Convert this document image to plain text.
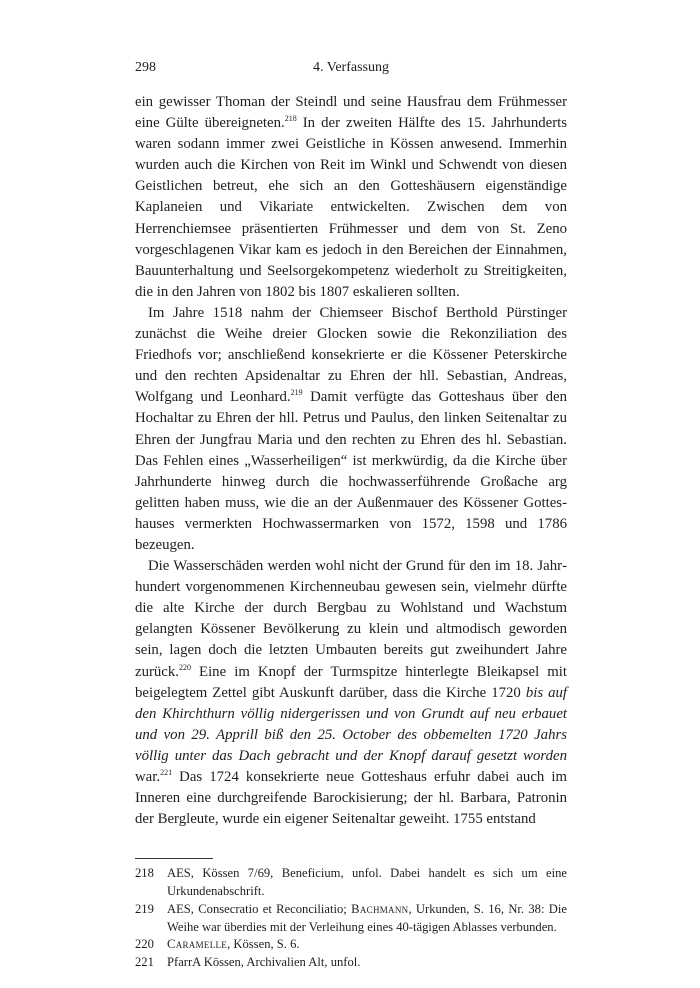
4. Verfassung
298

ein gewisser Thoman der Steindl und seine Hausfrau dem Frühmesser eine Gülte übereigneten.$^{218}$ In der zweiten Hälfte des 15. Jahrhunderts waren sodann immer zwei Geistliche in Kössen anwesend. Immerhin wurden auch die Kirchen von Reit im Winkl und Schwendt von diesen Geistlichen betreut, ehe sich an den Gotteshäusern eigenständige Kaplaneien und Vikariate entwickelten. Zwischen dem von Herrenchiemsee präsentierten Frühmesser und dem von St. Zeno vorgeschlagenen Vikar kam es jedoch in den Bereichen der Einnahmen, Bauunterhaltung und Seelsorgekompetenz wiederholt zu Streitigkeiten, die in den Jahren von 1802 bis 1807 eskalieren sollten.

Im Jahre 1518 nahm der Chiemseer Bischof Berthold Pürstinger zunächst die Weihe dreier Glocken sowie die Rekonziliation des Friedhofs vor; anschließend konsekrierte er die Kössener Peterskirche und den rechten Apsidenaltar zu Ehren der hll. Sebastian, Andreas, Wolfgang und Leonhard.$^{219}$ Damit verfügte das Gotteshaus über den Hochaltar zu Ehren der hll. Petrus und Paulus, den linken Seitenaltar zu Ehren der Jungfrau Maria und den rechten zu Ehren des hl. Sebastian. Das Fehlen eines „Wasserheiligen“ ist merkwürdig, da die Kirche über Jahrhunderte hinweg durch die hochwasserführende Großache arg gelitten haben muss, wie die an der Außenmauer des Kössener Gotteshauses vermerkten Hochwassermarken von 1572, 1598 und 1786 bezeugen.

Die Wasserschäden werden wohl nicht der Grund für den im 18. Jahrhundert vorgenommenen Kirchenneubau gewesen sein, vielmehr dürfte die alte Kirche der durch Bergbau zu Wohlstand und Wachstum gelangten Kössener Bevölkerung zu klein und altmodisch geworden sein, lagen doch die letzten Umbauten bereits gut zweihundert Jahre zurück.$^{220}$ Eine im Knopf der Turmspitze hinterlegte Bleikapsel mit beigelegtem Zettel gibt Auskunft darüber, dass die Kirche 1720 bis auf den Khirchthurn völlig nidergerissen und von Grundt auf neu erbauet und von 29. Apprill biß den 25. October des obbemelten 1720 Jahrs völlig unter das Dach gebracht und der Knopf darauf gesetzt worden war.$^{221}$ Das 1724 konsekrierte neue Gotteshaus erfuhr dabei auch im Inneren eine durchgreifende Barockisierung; der hl. Barbara, Patronin der Bergleute, wurde ein eigener Seitenaltar geweiht. 1755 entstand

218 AES, Kössen 7/69, Beneficium, unfol. Dabei handelt es sich um eine Urkundenabschrift.
219 AES, Consecratio et Reconciliatio; Bachmann, Urkunden, S. 16, Nr. 38: Die Weihe war überdies mit der Verleihung eines 40-tägigen Ablasses verbunden.
220 Caramelle, Kössen, S. 6.
221 PfarrA Kössen, Archivalien Alt, unfol.
